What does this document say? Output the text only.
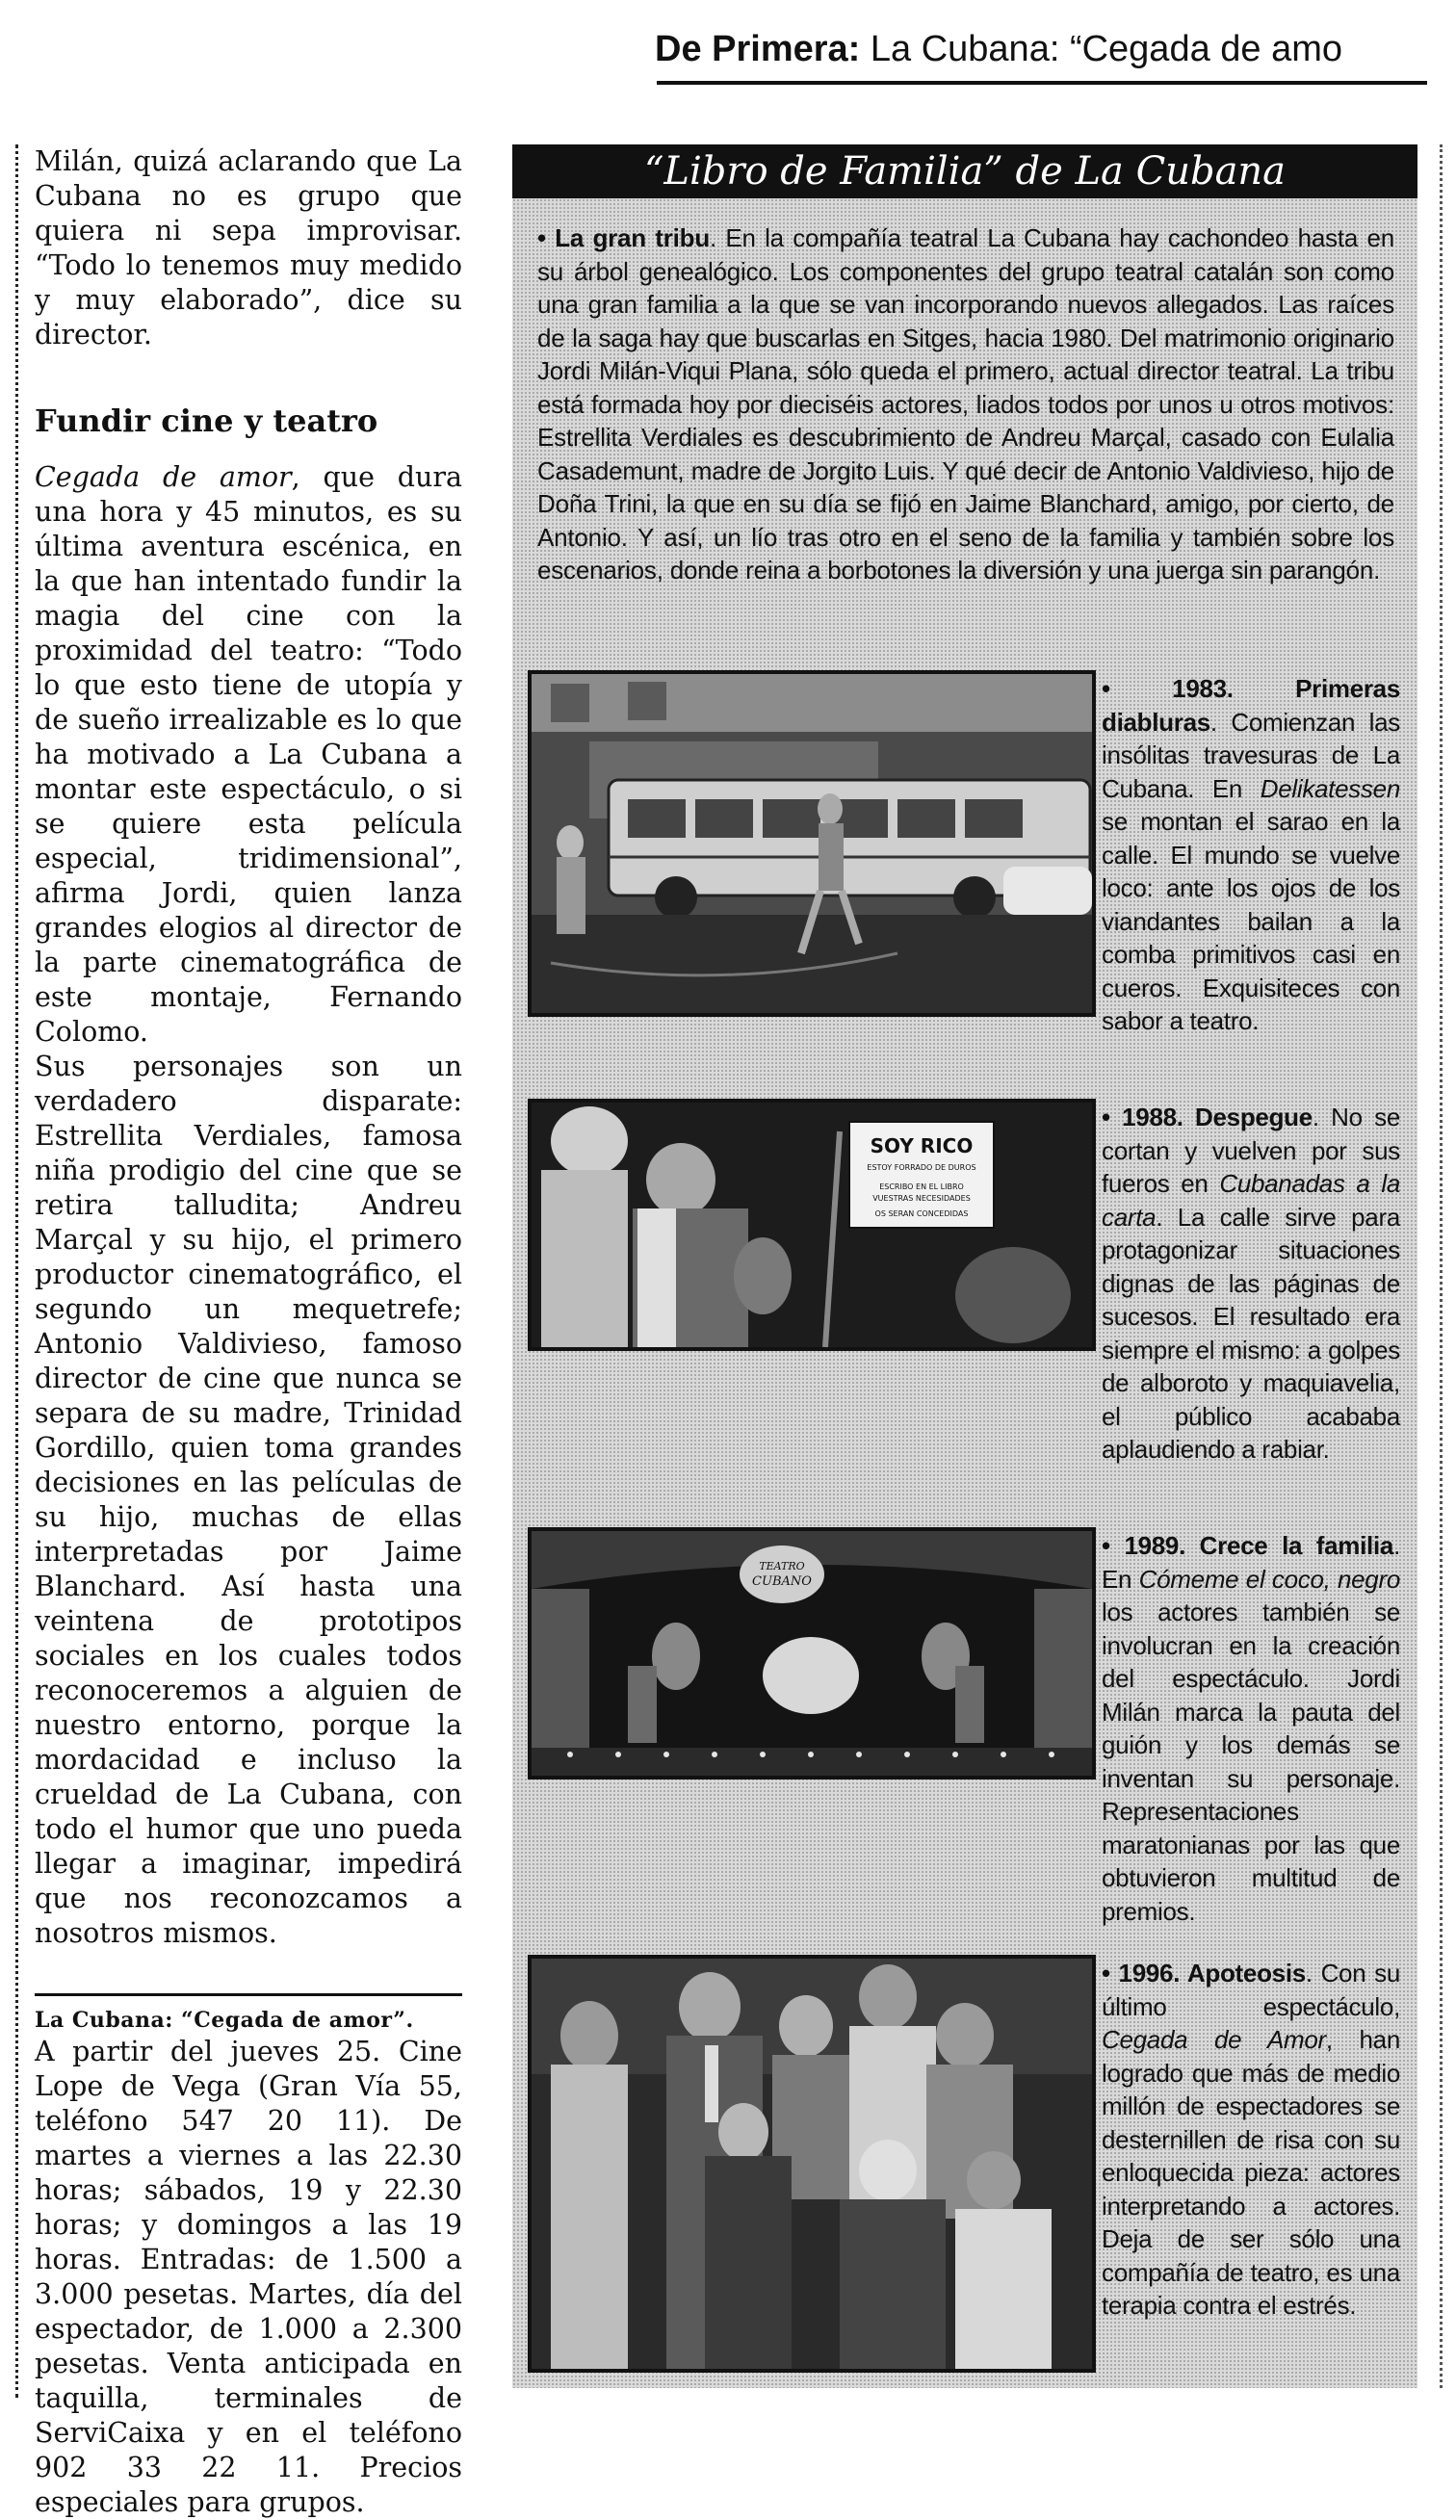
De Primera: La Cubana: “Cegada de amo

Milán, quizá aclarando que La Cubana no es grupo que quiera ni sepa improvisar. “Todo lo tenemos muy medido y muy elaborado”, dice su director.

Fundir cine y teatro

Cegada de amor, que dura una hora y 45 minutos, es su última aventura escénica, en la que han intentado fundir la magia del cine con la proximidad del teatro: “Todo lo que esto tiene de utopía y de sueño irrealizable es lo que ha motivado a La Cubana a montar este espectáculo, o si se quiere esta película especial, tridimensional”, afirma Jordi, quien lanza grandes elogios al director de la parte cinematográfica de este montaje, Fernando Colomo.

Sus personajes son un verdadero disparate: Estrellita Verdiales, famosa niña prodigio del cine que se retira talludita; Andreu Marçal y su hijo, el primero productor cinematográfico, el segundo un mequetrefe; Antonio Valdivieso, famoso director de cine que nunca se separa de su madre, Trinidad Gordillo, quien toma grandes decisiones en las películas de su hijo, muchas de ellas interpretadas por Jaime Blanchard. Así hasta una veintena de prototipos sociales en los cuales todos reconoceremos a alguien de nuestro entorno, porque la mordacidad e incluso la crueldad de La Cubana, con todo el humor que uno pueda llegar a imaginar, impedirá que nos reconozcamos a nosotros mismos.

La Cubana: “Cegada de amor”.

A partir del jueves 25. Cine Lope de Vega (Gran Vía 55, teléfono 547 20 11). De martes a viernes a las 22.30 horas; sábados, 19 y 22.30 horas; y domingos a las 19 horas. Entradas: de 1.500 a 3.000 pesetas. Martes, día del espectador, de 1.000 a 2.300 pesetas. Venta anticipada en taquilla, terminales de ServiCaixa y en el teléfono 902 33 22 11. Precios especiales para grupos.

“Libro de Familia” de La Cubana
• La gran tribu. En la compañía teatral La Cubana hay cachondeo hasta en su árbol genealógico. Los componentes del grupo teatral catalán son como una gran familia a la que se van incorporando nuevos allegados. Las raíces de la saga hay que buscarlas en Sitges, hacia 1980. Del matrimonio originario Jordi Milán-Viqui Plana, sólo queda el primero, actual director teatral. La tribu está formada hoy por dieciséis actores, liados todos por unos u otros motivos: Estrellita Verdiales es descubrimiento de Andreu Marçal, casado con Eulalia Casademunt, madre de Jorgito Luis. Y qué decir de Antonio Valdivieso, hijo de Doña Trini, la que en su día se fijó en Jaime Blanchard, amigo, por cierto, de Antonio. Y así, un lío tras otro en el seno de la familia y también sobre los escenarios, donde reina a borbotones la diversión y una juerga sin parangón.
• 1983. Primeras diabluras. Comienzan las insólitas travesuras de La Cubana. En Delikatessen se montan el sarao en la calle. El mundo se vuelve loco: ante los ojos de los viandantes bailan a la comba primitivos casi en cueros. Exquisiteces con sabor a teatro.
SOY RICO
ESTOY FORRADO DE DUROS
ESCRIBO EN EL LIBRO
VUESTRAS NECESIDADES
OS SERAN CONCEDIDAS
• 1988. Despegue. No se cortan y vuelven por sus fueros en Cubanadas a la carta. La calle sirve para protagonizar situaciones dignas de las páginas de sucesos. El resultado era siempre el mismo: a golpes de alboroto y maquiavelia, el público acababa aplaudiendo a rabiar.
TEATRO
CUBANO
• 1989. Crece la familia. En Cómeme el coco, negro los actores también se involucran en la creación del espectáculo. Jordi Milán marca la pauta del guión y los demás se inventan su personaje. Representaciones maratonianas por las que obtuvieron multitud de premios.
• 1996. Apoteosis. Con su último espectáculo, Cegada de Amor, han logrado que más de medio millón de espectadores se desternillen de risa con su enloquecida pieza: actores interpretando a actores. Deja de ser sólo una compañía de teatro, es una terapia contra el estrés.
